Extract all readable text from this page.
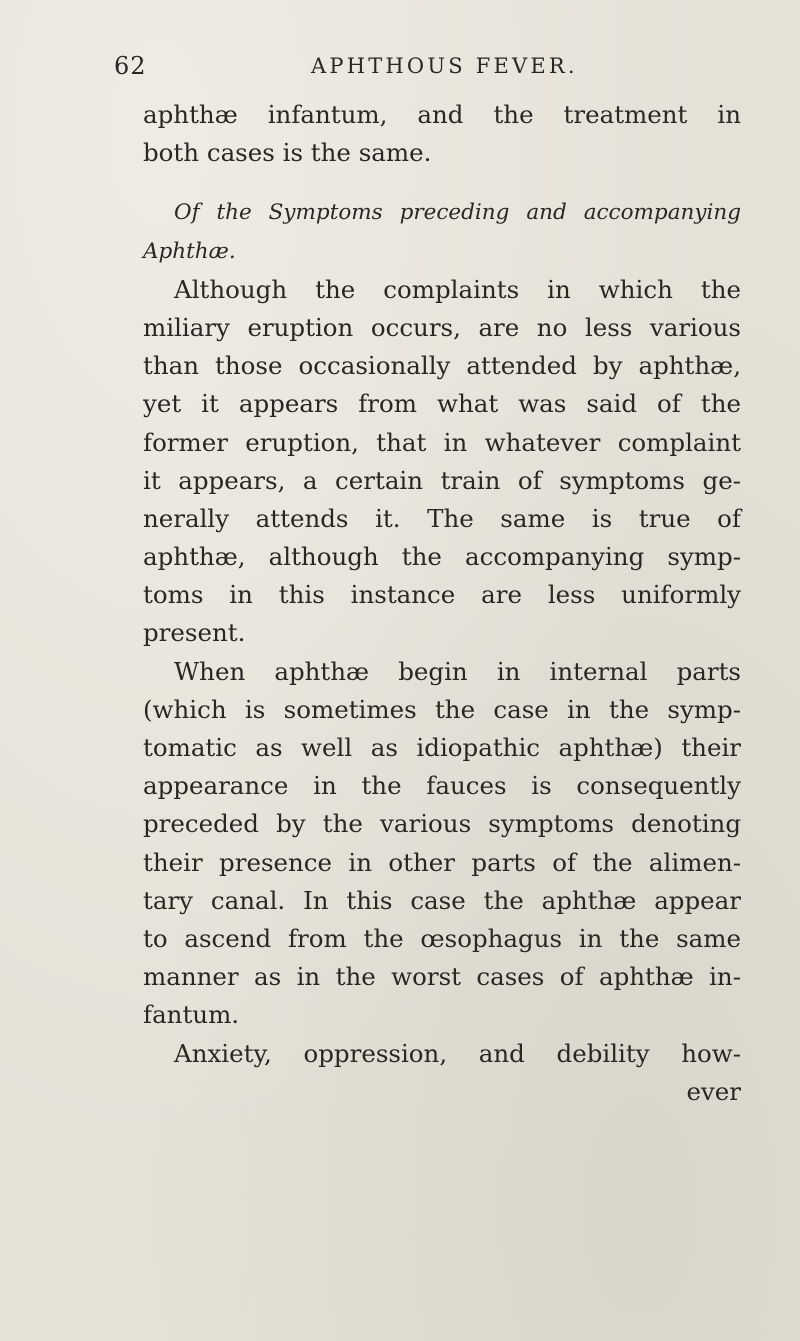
62	APHTHOUS FEVER.
aphthæ infantum, and the treatment in
both cases is the same.
Of the Symptoms preceding and accompanying
Aphthæ.
Although the complaints in which the
miliary eruption occurs, are no less various
than those occasionally attended by aphthæ,
yet it appears from what was said of the
former eruption, that in whatever complaint
it appears, a certain train of symptoms ge-
nerally attends it. The same is true of
aphthæ, although the accompanying symp-
toms in this instance are less uniformly
present.
When aphthæ begin in internal parts
(which is sometimes the case in the symp-
tomatic as well as idiopathic aphthæ) their
appearance in the fauces is consequently
preceded by the various symptoms denoting
their presence in other parts of the alimen-
tary canal. In this case the aphthæ appear
to ascend from the œsophagus in the same
manner as in the worst cases of aphthæ in-
fantum.
Anxiety, oppression, and debility how-
ever
